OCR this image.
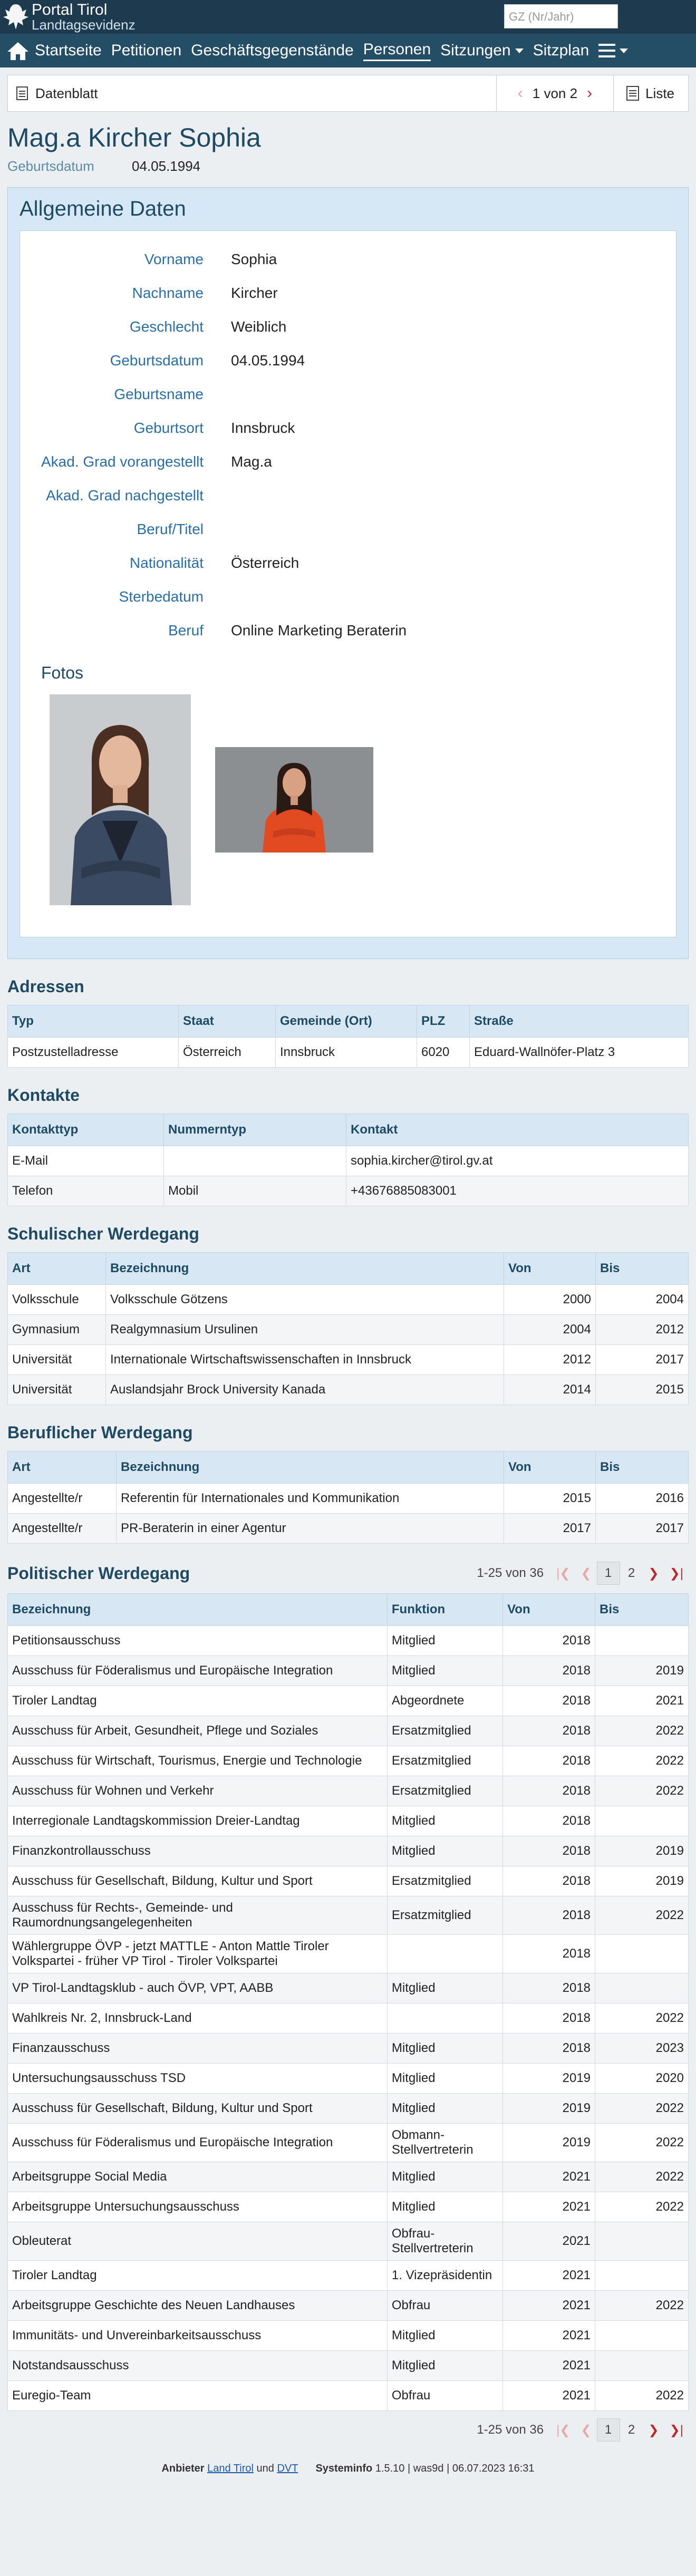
Portal Tirol
Landtagsevidenz
GZ (Nr/Jahr)
Startseite Petitionen Geschäftsgegenstände Personen Sitzungen Sitzplan
Datenblatt	‹ 1 von 2 ›	Liste
Mag.a Kircher Sophia
Geburtsdatum	04.05.1994
Allgemeine Daten
Vorname Sophia
Nachname Kircher
Geschlecht Weiblich
Geburtsdatum 04.05.1994
Geburtsname
Geburtsort Innsbruck
Akad. Grad vorangestellt Mag.a
Akad. Grad nachgestellt
Beruf/Titel
Nationalität Österreich
Sterbedatum
Beruf Online Marketing Beraterin
Fotos
Adressen
Typ	Staat	Gemeinde (Ort)	PLZ	Straße
Postzustelladresse	Österreich	Innsbruck	6020	Eduard-Wallnöfer-Platz 3
Kontakte
Kontakttyp	Nummerntyp	Kontakt
E-Mail		sophia.kircher@tirol.gv.at
Telefon	Mobil	+43676885083001
Schulischer Werdegang
Art	Bezeichnung	Von	Bis
Volksschule	Volksschule Götzens	2000	2004
Gymnasium	Realgymnasium Ursulinen	2004	2012
Universität	Internationale Wirtschaftswissenschaften in Innsbruck	2012	2017
Universität	Auslandsjahr Brock University Kanada	2014	2015
Beruflicher Werdegang
Art	Bezeichnung	Von	Bis
Angestellte/r	Referentin für Internationales und Kommunikation	2015	2016
Angestellte/r	PR-Beraterin in einer Agentur	2017	2017
Politischer Werdegang	1-25 von 36 |❮ ❮	1	2	❯ ❯|
Bezeichnung	Funktion	Von	Bis
Petitionsausschuss	Mitglied	2018	
Ausschuss für Föderalismus und Europäische Integration	Mitglied	2018	2019
Tiroler Landtag	Abgeordnete	2018	2021
Ausschuss für Arbeit, Gesundheit, Pflege und Soziales	Ersatzmitglied	2018	2022
Ausschuss für Wirtschaft, Tourismus, Energie und Technologie	Ersatzmitglied	2018	2022
Ausschuss für Wohnen und Verkehr	Ersatzmitglied	2018	2022
Interregionale Landtagskommission Dreier-Landtag	Mitglied	2018	
Finanzkontrollausschuss	Mitglied	2018	2019
Ausschuss für Gesellschaft, Bildung, Kultur und Sport	Ersatzmitglied	2018	2019
Ausschuss für Rechts-, Gemeinde- und Raumordnungsangelegenheiten	Ersatzmitglied	2018	2022
Wählergruppe ÖVP - jetzt MATTLE - Anton Mattle Tiroler Volkspartei - früher VP Tirol - Tiroler Volkspartei		2018	
VP Tirol-Landtagsklub - auch ÖVP, VPT, AABB	Mitglied	2018	
Wahlkreis Nr. 2, Innsbruck-Land		2018	2022
Finanzausschuss	Mitglied	2018	2023
Untersuchungsausschuss TSD	Mitglied	2019	2020
Ausschuss für Gesellschaft, Bildung, Kultur und Sport	Mitglied	2019	2022
Ausschuss für Föderalismus und Europäische Integration	Obmann-Stellvertreterin	2019	2022
Arbeitsgruppe Social Media	Mitglied	2021	2022
Arbeitsgruppe Untersuchungsausschuss	Mitglied	2021	2022
Obleuterat	Obfrau-Stellvertreterin	2021	
Tiroler Landtag	1. Vizepräsidentin	2021	
Arbeitsgruppe Geschichte des Neuen Landhauses	Obfrau	2021	2022
Immunitäts- und Unvereinbarkeitsausschuss	Mitglied	2021	
Notstandsausschuss	Mitglied	2021	
Euregio-Team	Obfrau	2021	2022
1-25 von 36 |❮ ❮	1	2	❯ ❯|
Anbieter Land Tirol und DVT Systeminfo 1.5.10 | was9d | 06.07.2023 16:31
